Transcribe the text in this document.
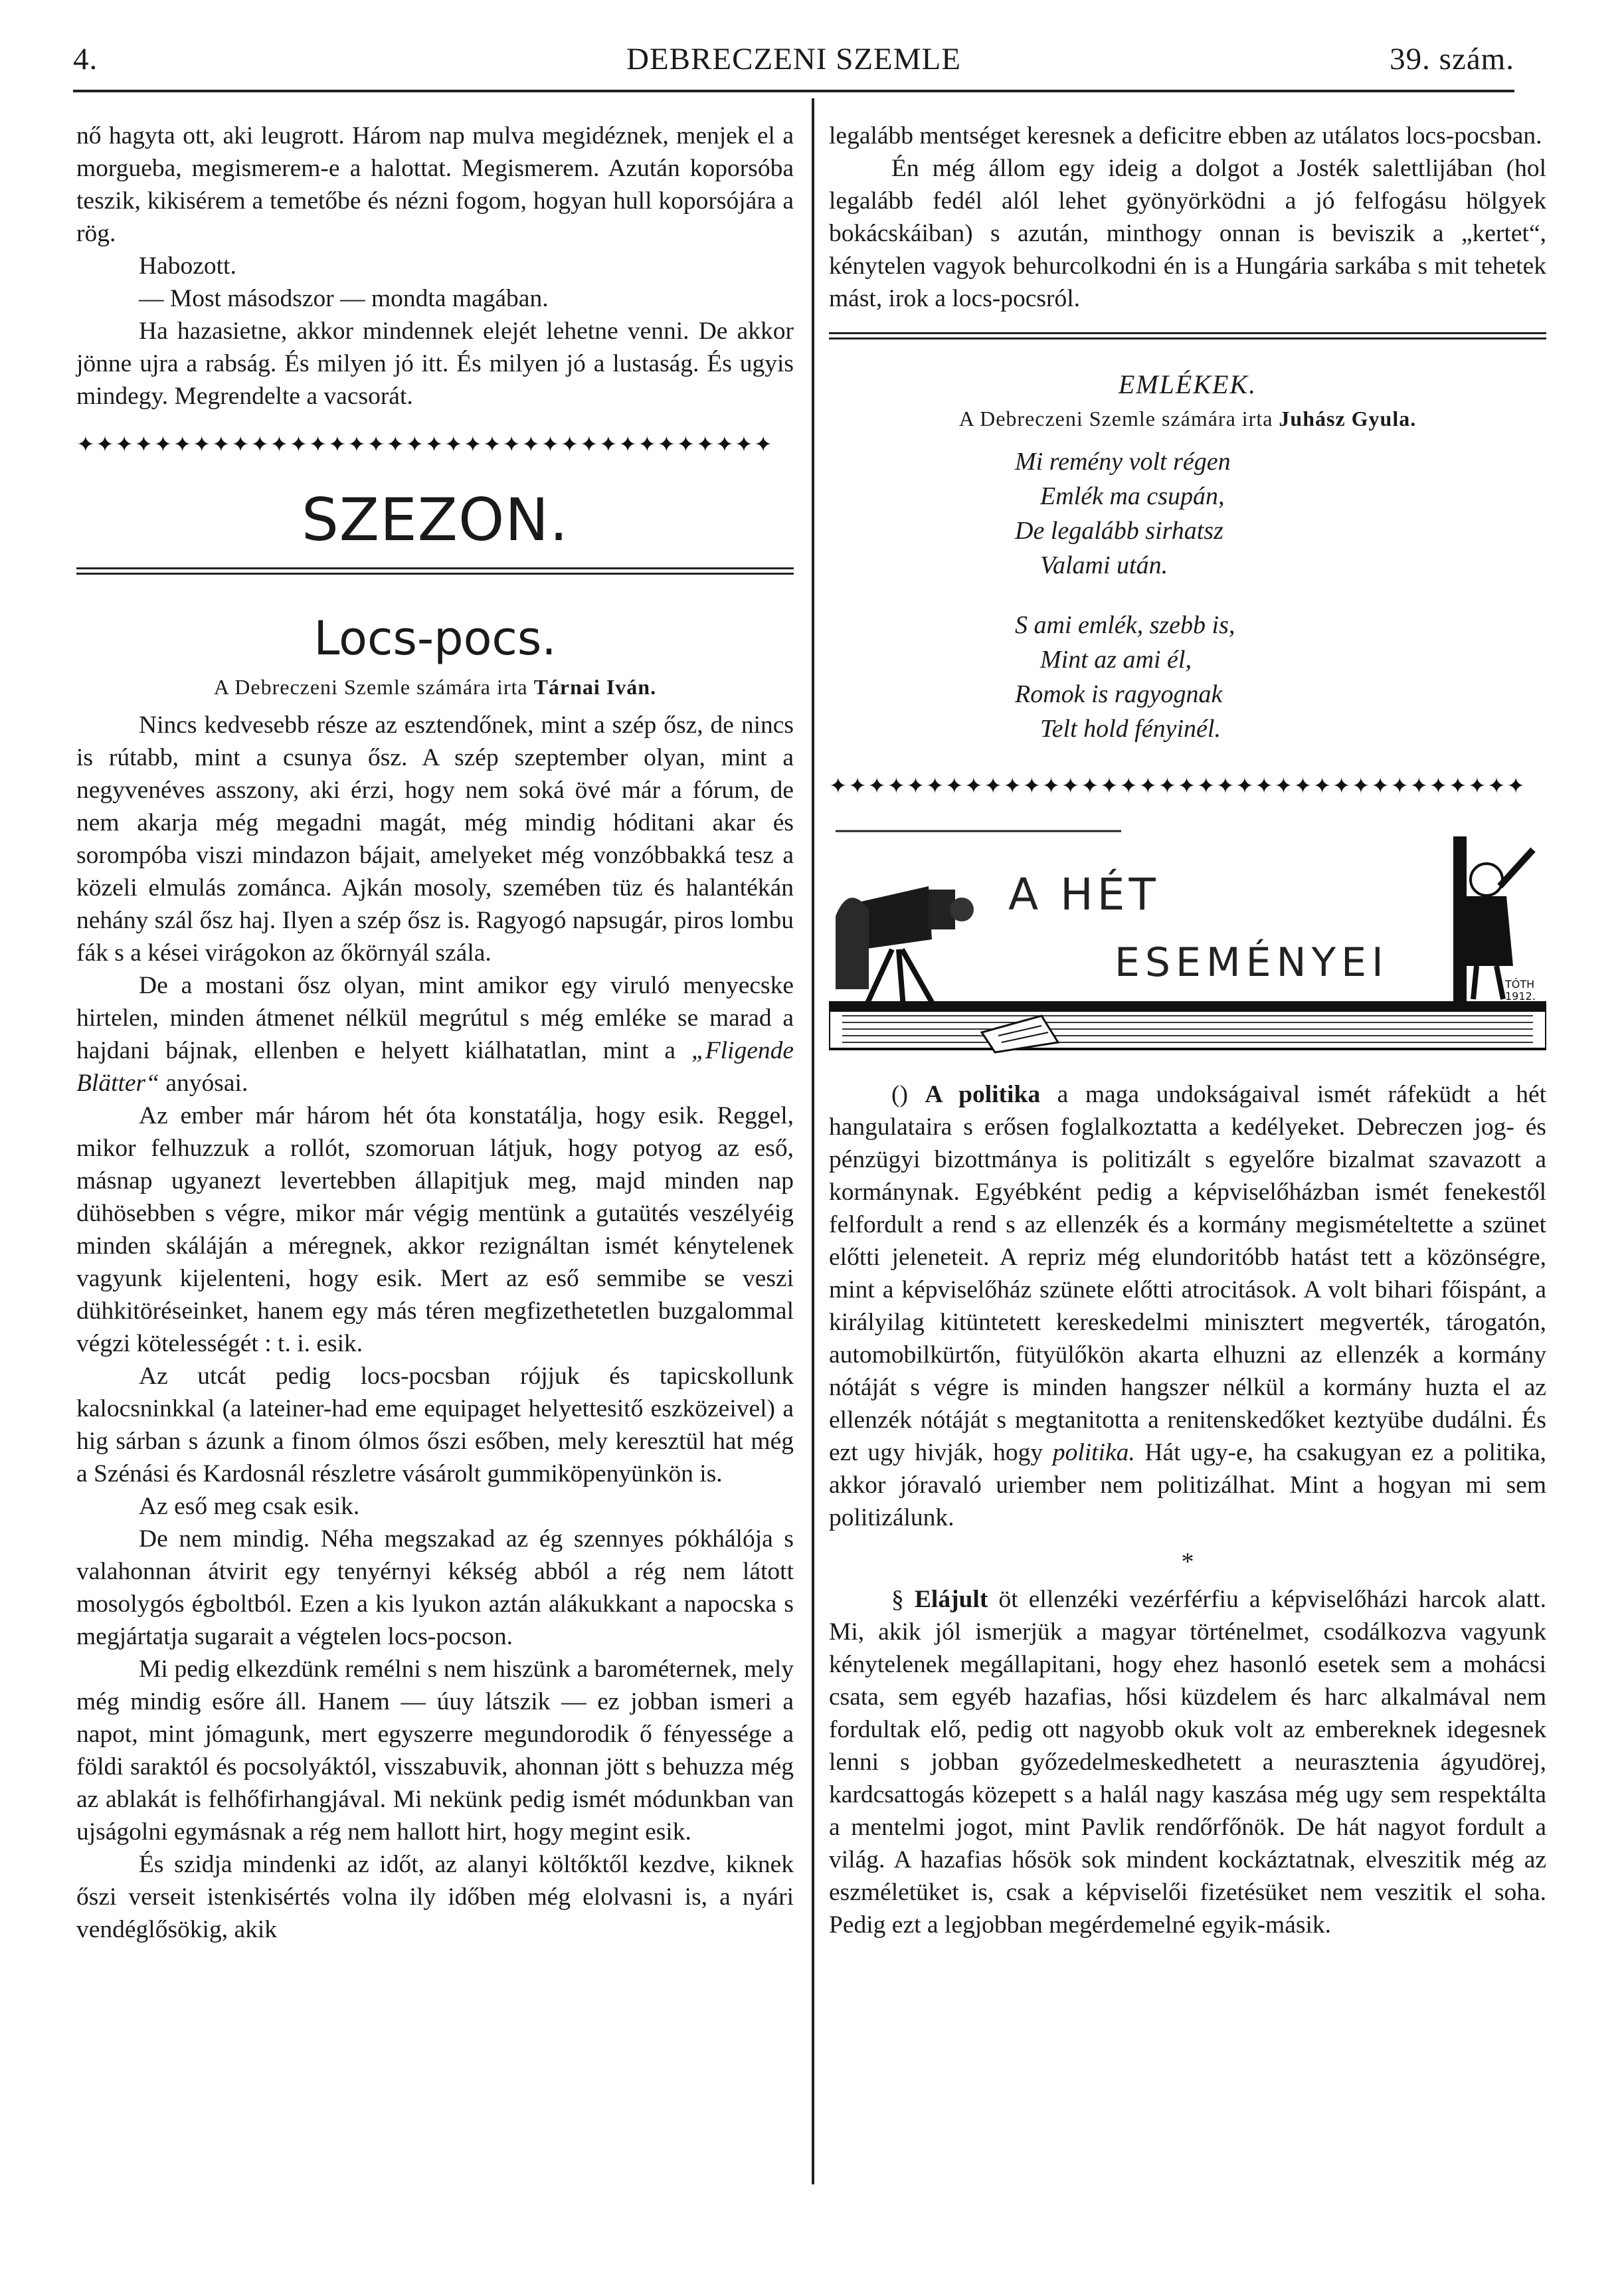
4.	DEBRECZENI SZEMLE	39. szám.

nő hagyta ott, aki leugrott. Három nap mulva megidéznek, menjek el a morgueba, megismerem-e a halottat. Megismerem. Azután koporsóba teszik, kikisérem a temetőbe és nézni fogom, hogyan hull koporsójára a rög.

Habozott.

— Most másodszor — mondta magában.

Ha hazasietne, akkor mindennek elejét lehetne venni. De akkor jönne ujra a rabság. És milyen jó itt. És milyen jó a lustaság. És ugyis mindegy. Megrendelte a vacsorát.

✦✦✦✦✦✦✦✦✦✦✦✦✦✦✦✦✦✦✦✦✦✦✦✦✦✦✦✦✦✦✦✦✦✦✦✦
SZEZON.
Locs-pocs.
A Debreczeni Szemle számára irta Tárnai Iván.

Nincs kedvesebb része az esztendőnek, mint a szép ősz, de nincs is rútabb, mint a csunya ősz. A szép szeptember olyan, mint a negyvenéves asszony, aki érzi, hogy nem soká övé már a fórum, de nem akarja még megadni magát, még mindig hóditani akar és sorompóba viszi mindazon bájait, amelyeket még vonzóbbakká tesz a közeli elmulás zománca. Ajkán mosoly, szemében tüz és halantékán nehány szál ősz haj. Ilyen a szép ősz is. Ragyogó napsugár, piros lombu fák s a kései virágokon az őkörnyál szála.

De a mostani ősz olyan, mint amikor egy viruló menyecske hirtelen, minden átmenet nélkül megrútul s még emléke se marad a hajdani bájnak, ellenben e helyett kiálhatatlan, mint a „Fligende Blätter“ anyósai.

Az ember már három hét óta konstatálja, hogy esik. Reggel, mikor felhuzzuk a rollót, szomoruan látjuk, hogy potyog az eső, másnap ugyanezt levertebben állapitjuk meg, majd minden nap dühösebben s végre, mikor már végig mentünk a gutaütés veszélyéig minden skáláján a méregnek, akkor rezignáltan ismét kénytelenek vagyunk kijelenteni, hogy esik. Mert az eső semmibe se veszi dühkitöréseinket, hanem egy más téren megfizethetetlen buzgalommal végzi kötelességét : t. i. esik.

Az utcát pedig locs-pocsban rójjuk és tapicskollunk kalocsninkkal (a lateiner-had eme equipaget helyettesitő eszközeivel) a hig sárban s ázunk a finom ólmos őszi esőben, mely keresztül hat még a Szénási és Kardosnál részletre vásárolt gummiköpenyünkön is.

Az eső meg csak esik.

De nem mindig. Néha megszakad az ég szennyes pókhálója s valahonnan átvirit egy tenyérnyi kékség abból a rég nem látott mosolygós égboltból. Ezen a kis lyukon aztán alákukkant a napocska s megjártatja sugarait a végtelen locs-pocson.

Mi pedig elkezdünk remélni s nem hiszünk a barométernek, mely még mindig esőre áll. Hanem — úuy látszik — ez jobban ismeri a napot, mint jómagunk, mert egyszerre megundorodik ő fényessége a földi saraktól és pocsolyáktól, visszabuvik, ahonnan jött s behuzza még az ablakát is felhőfirhangjával. Mi nekünk pedig ismét módunkban van ujságolni egymásnak a rég nem hallott hirt, hogy megint esik.

És szidja mindenki az időt, az alanyi költőktől kezdve, kiknek őszi verseit istenkisértés volna ily időben még elolvasni is, a nyári vendéglősökig, akik

legalább mentséget keresnek a deficitre ebben az utálatos locs-pocsban.

Én még állom egy ideig a dolgot a Josték salettlijában (hol legalább fedél alól lehet gyönyörködni a jó felfogásu hölgyek bokácskáiban) s azután, minthogy onnan is beviszik a „kertet“, kénytelen vagyok behurcolkodni én is a Hungária sarkába s mit tehetek mást, irok a locs-pocsról.

EMLÉKEK.
A Debreczeni Szemle számára irta Juhász Gyula.
Mi remény volt régen
Emlék ma csupán,
De legalább sirhatsz
Valami után.
S ami emlék, szebb is,
Mint az ami él,
Romok is ragyognak
Telt hold fényinél.
✦✦✦✦✦✦✦✦✦✦✦✦✦✦✦✦✦✦✦✦✦✦✦✦✦✦✦✦✦✦✦✦✦✦✦✦
A HÉT
ESEMÉNYEI	TÓTH
1912.

() A politika a maga undokságaival ismét ráfeküdt a hét hangulataira s erősen foglalkoztatta a kedélyeket. Debreczen jog- és pénzügyi bizottmánya is politizált s egyelőre bizalmat szavazott a kormánynak. Egyébként pedig a képviselőházban ismét fenekestől felfordult a rend s az ellenzék és a kormány megismételtette a szünet előtti jeleneteit. A repriz még elundoritóbb hatást tett a közönségre, mint a képviselőház szünete előtti atrocitások. A volt bihari főispánt, a királyilag kitüntetett kereskedelmi minisztert megverték, tárogatón, automobilkürtőn, fütyülőkön akarta elhuzni az ellenzék a kormány nótáját s végre is minden hangszer nélkül a kormány huzta el az ellenzék nótáját s megtanitotta a renitenskedőket keztyübe dudálni. És ezt ugy hivják, hogy politika. Hát ugy-e, ha csakugyan ez a politika, akkor jóravaló uriember nem politizálhat. Mint a hogyan mi sem politizálunk.

*

§ Elájult öt ellenzéki vezérférfiu a képviselőházi harcok alatt. Mi, akik jól ismerjük a magyar történelmet, csodálkozva vagyunk kénytelenek megállapitani, hogy ehez hasonló esetek sem a mohácsi csata, sem egyéb hazafias, hősi küzdelem és harc alkalmával nem fordultak elő, pedig ott nagyobb okuk volt az embereknek idegesnek lenni s jobban győzedelmeskedhetett a neurasztenia ágyudörej, kardcsattogás közepett s a halál nagy kaszása még ugy sem respektálta a mentelmi jogot, mint Pavlik rendőrfőnök. De hát nagyot fordult a világ. A hazafias hősök sok mindent kockáztatnak, elveszitik még az eszméletüket is, csak a képviselői fizetésüket nem veszitik el soha. Pedig ezt a legjobban megérdemelné egyik-másik.
